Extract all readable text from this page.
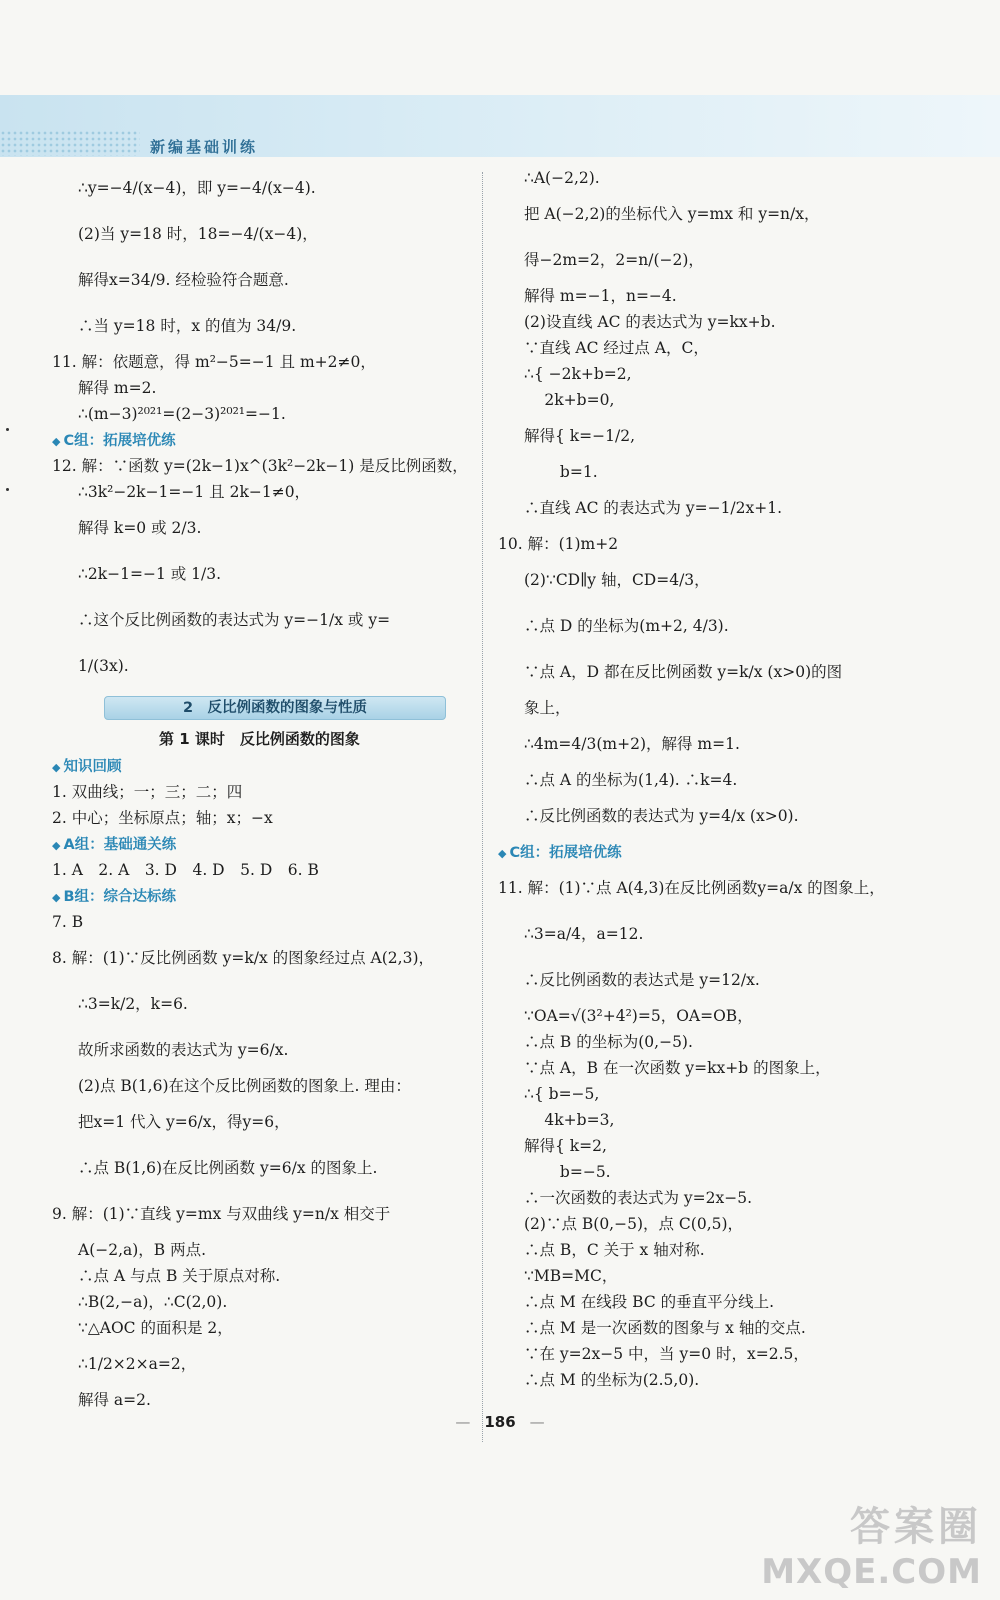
新编基础训练
∴y=−4/(x−4)，即 y=−4/(x−4).
(2)当 y=18 时，18=−4/(x−4)，
解得x=34/9. 经检验符合题意.
∴当 y=18 时，x 的值为 34/9.
11. 解：依题意，得 m²−5=−1 且 m+2≠0，
解得 m=2.
∴(m−3)²⁰²¹=(2−3)²⁰²¹=−1.
◆ C组：拓展培优练
12. 解：∵函数 y=(2k−1)x^(3k²−2k−1) 是反比例函数，
∴3k²−2k−1=−1 且 2k−1≠0，
解得 k=0 或 2/3.
∴2k−1=−1 或 1/3.
∴这个反比例函数的表达式为 y=−1/x 或 y=
1/(3x).
2　反比例函数的图象与性质
第 1 课时　反比例函数的图象
◆ 知识回顾
1. 双曲线；一；三；二；四
2. 中心；坐标原点；轴；x；−x
◆ A组：基础通关练
1. A　2. A　3. D　4. D　5. D　6. B
◆ B组：综合达标练
7. B
8. 解：(1)∵反比例函数 y=k/x 的图象经过点 A(2,3)，
∴3=k/2，k=6.
故所求函数的表达式为 y=6/x.
(2)点 B(1,6)在这个反比例函数的图象上. 理由：
把x=1 代入 y=6/x，得y=6，
∴点 B(1,6)在反比例函数 y=6/x 的图象上.
9. 解：(1)∵直线 y=mx 与双曲线 y=n/x 相交于
A(−2,a)，B 两点.
∴点 A 与点 B 关于原点对称.
∴B(2,−a)，∴C(2,0).
∵△AOC 的面积是 2，
∴1/2×2×a=2，
解得 a=2.
∴A(−2,2).
把 A(−2,2)的坐标代入 y=mx 和 y=n/x，
得−2m=2，2=n/(−2)，
解得 m=−1，n=−4.
(2)设直线 AC 的表达式为 y=kx+b.
∵直线 AC 经过点 A，C，
∴{ −2k+b=2,
　 2k+b=0,
解得{ k=−1/2,
　　 b=1.
∴直线 AC 的表达式为 y=−1/2x+1.
10. 解：(1)m+2
(2)∵CD∥y 轴，CD=4/3，
∴点 D 的坐标为(m+2, 4/3).
∵点 A，D 都在反比例函数 y=k/x (x>0)的图
象上，
∴4m=4/3(m+2)，解得 m=1.
∴点 A 的坐标为(1,4). ∴k=4.
∴反比例函数的表达式为 y=4/x (x>0).
◆ C组：拓展培优练
11. 解：(1)∵点 A(4,3)在反比例函数y=a/x 的图象上，
∴3=a/4，a=12.
∴反比例函数的表达式是 y=12/x.
∵OA=√(3²+4²)=5，OA=OB，
∴点 B 的坐标为(0,−5).
∵点 A，B 在一次函数 y=kx+b 的图象上，
∴{ b=−5,
　 4k+b=3,
解得{ k=2,
　　 b=−5.
∴一次函数的表达式为 y=2x−5.
(2)∵点 B(0,−5)，点 C(0,5)，
∴点 B，C 关于 x 轴对称.
∵MB=MC，
∴点 M 在线段 BC 的垂直平分线上.
∴点 M 是一次函数的图象与 x 轴的交点.
∵在 y=2x−5 中，当 y=0 时，x=2.5，
∴点 M 的坐标为(2.5,0).
— 186 —
答案圈
MXQE.COM
